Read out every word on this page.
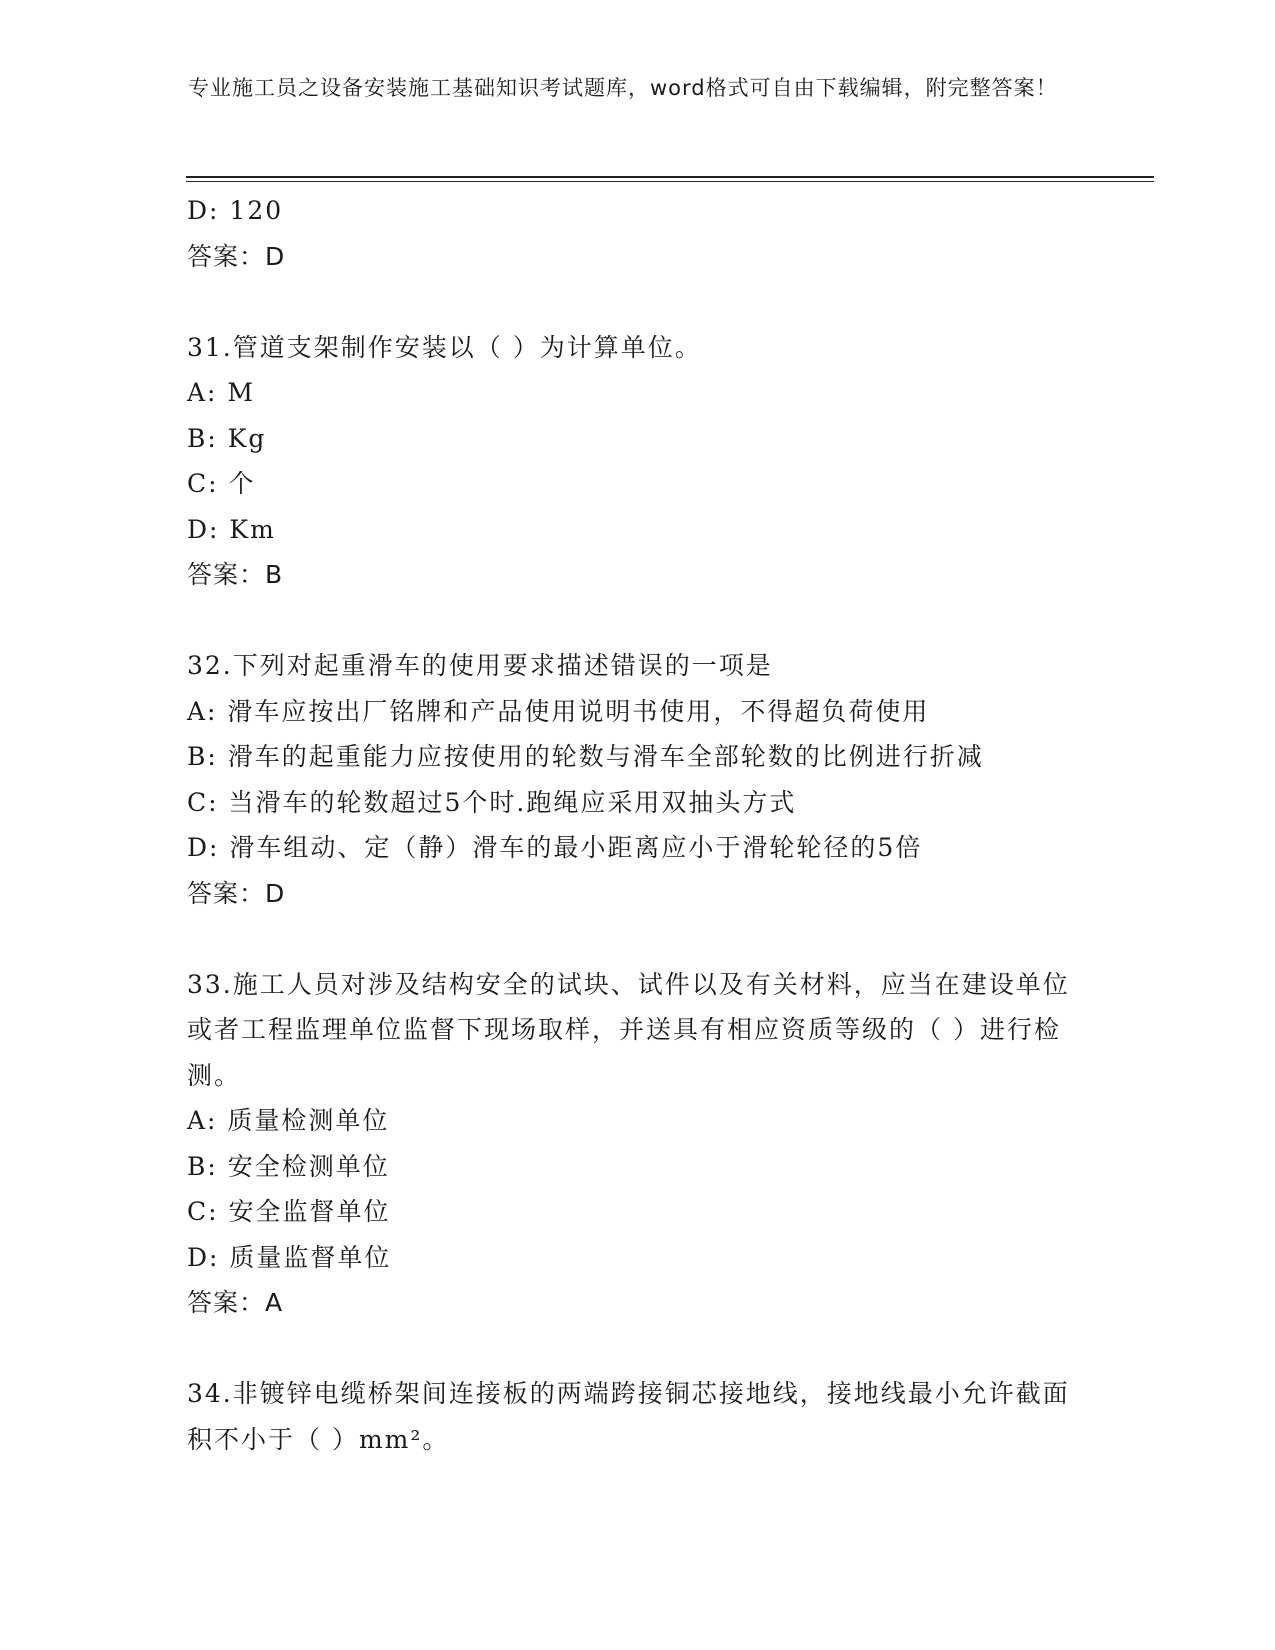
专业施工员之设备安装施工基础知识考试题库，word格式可自由下载编辑，附完整答案！
D: 120
答案：D
31.管道支架制作安装以（ ）为计算单位。
A: M
B: Kg
C: 个
D: Km
答案：B
32.下列对起重滑车的使用要求描述错误的一项是
A: 滑车应按出厂铭牌和产品使用说明书使用，不得超负荷使用
B: 滑车的起重能力应按使用的轮数与滑车全部轮数的比例进行折减
C: 当滑车的轮数超过5个时.跑绳应采用双抽头方式
D: 滑车组动、定（静）滑车的最小距离应小于滑轮轮径的5倍
答案：D
33.施工人员对涉及结构安全的试块、试件以及有关材料，应当在建设单位或者工程监理单位监督下现场取样，并送具有相应资质等级的（ ）进行检测。
A: 质量检测单位
B: 安全检测单位
C: 安全监督单位
D: 质量监督单位
答案：A
34.非镀锌电缆桥架间连接板的两端跨接铜芯接地线，接地线最小允许截面积不小于（ ）mm²。
